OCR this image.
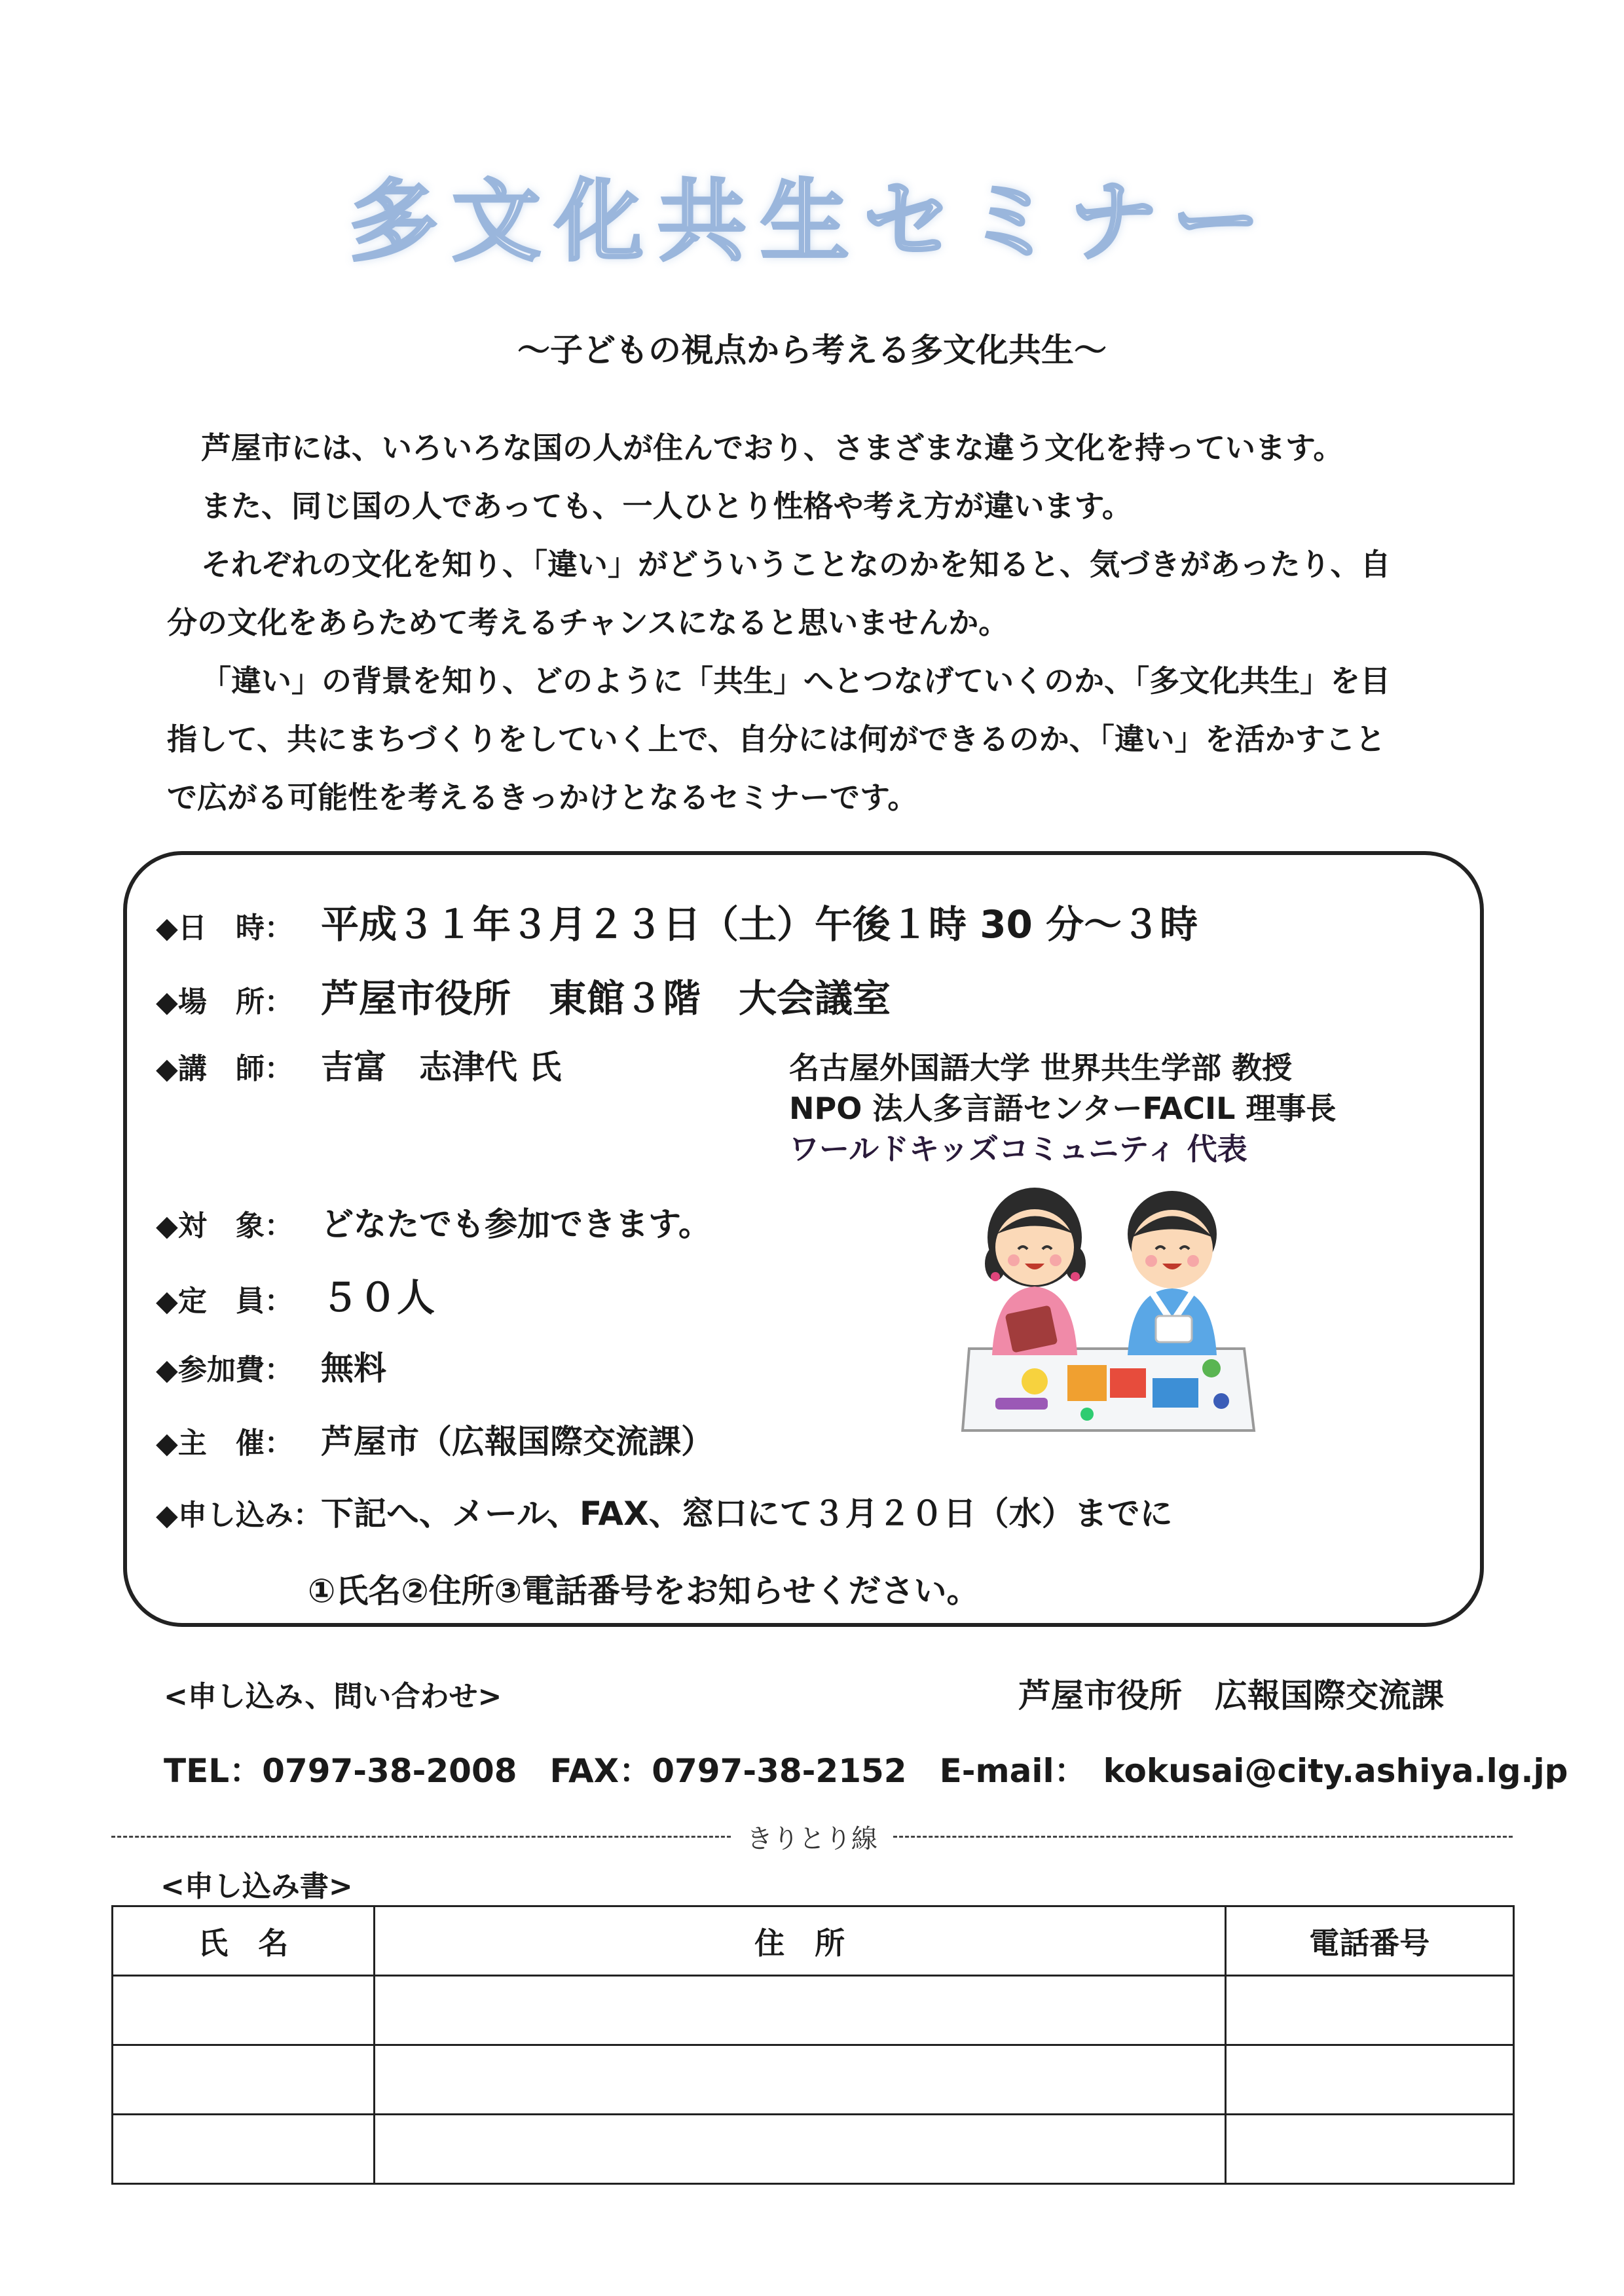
多文化共生セミナー
～子どもの視点から考える多文化共生～

芦屋市には、いろいろな国の人が住んでおり、さまざまな違う文化を持っています。

また、同じ国の人であっても、一人ひとり性格や考え方が違います。

それぞれの文化を知り、「違い」がどういうことなのかを知ると、気づきがあったり、自

分の文化をあらためて考えるチャンスになると思いませんか。

「違い」の背景を知り、どのように「共生」へとつなげていくのか、「多文化共生」を目

指して、共にまちづくりをしていく上で、自分には何ができるのか、「違い」を活かすこと

で広がる可能性を考えるきっかけとなるセミナーです。

◆日　時： 平成３１年３月２３日（土）午後１時 30 分～３時
◆場　所： 芦屋市役所　東館３階　大会議室
◆講　師： 吉富　志津代 氏	名古屋外国語大学 世界共生学部 教授
NPO 法人多言語センターFACIL 理事長
ワールドキッズコミュニティ 代表
◆対　象： どなたでも参加できます。
◆定　員： ５０人
◆参加費： 無料
◆主　催： 芦屋市（広報国際交流課）
◆申し込み：
下記へ、メール、FAX、窓口にて３月２０日（水）までに
①氏名②住所③電話番号をお知らせください。
<申し込み、問い合わせ>	芦屋市役所　広報国際交流課
TEL：0797-38-2008　FAX：0797-38-2152　E-mail：　kokusai@city.ashiya.lg.jp
きりとり線
<申し込み書>
氏　名	住　所	電話番号
